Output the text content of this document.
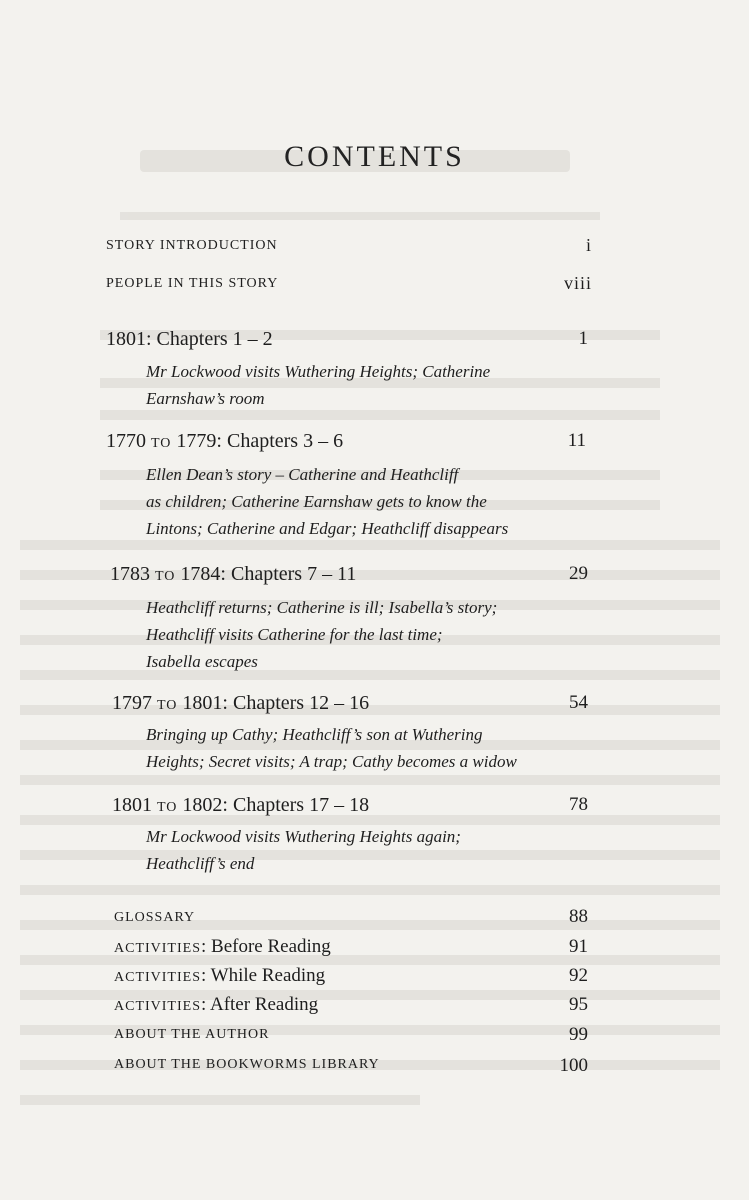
CONTENTS
STORY INTRODUCTION	i
PEOPLE IN THIS STORY	viii
1801: Chapters 1 – 2	1
Mr Lockwood visits Wuthering Heights; Catherine
Earnshaw’s room
1770 TO 1779: Chapters 3 – 6	11
Ellen Dean’s story – Catherine and Heathcliff
as children; Catherine Earnshaw gets to know the
Lintons; Catherine and Edgar; Heathcliff disappears
1783 TO 1784: Chapters 7 – 11	29
Heathcliff returns; Catherine is ill; Isabella’s story;
Heathcliff visits Catherine for the last time;
Isabella escapes
1797 TO 1801: Chapters 12 – 16	54
Bringing up Cathy; Heathcliff’s son at Wuthering
Heights; Secret visits; A trap; Cathy becomes a widow
1801 TO 1802: Chapters 17 – 18	78
Mr Lockwood visits Wuthering Heights again;
Heathcliff’s end
GLOSSARY	88
ACTIVITIES: Before Reading	91
ACTIVITIES: While Reading	92
ACTIVITIES: After Reading	95
ABOUT THE AUTHOR	99
ABOUT THE BOOKWORMS LIBRARY	100
